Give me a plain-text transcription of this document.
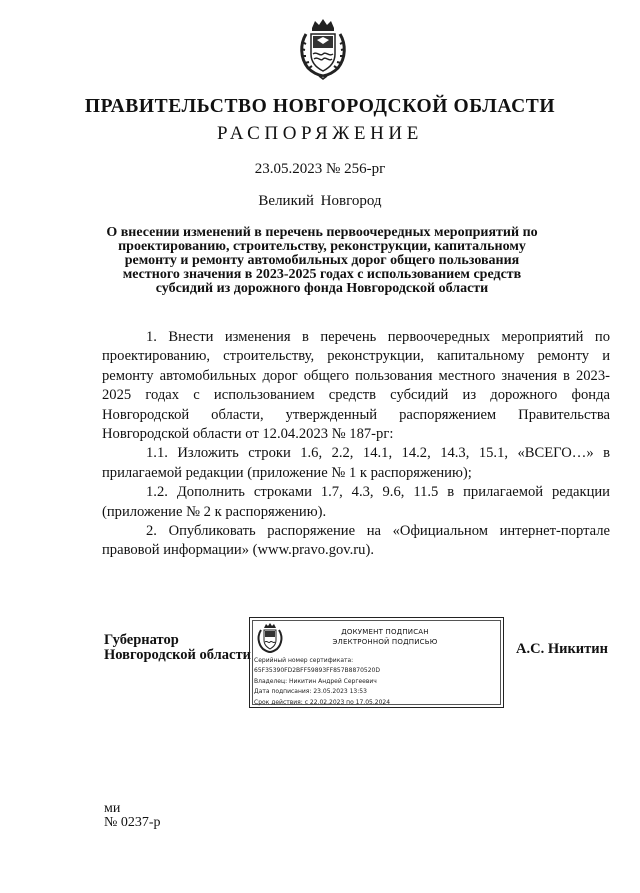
ПРАВИТЕЛЬСТВО НОВГОРОДСКОЙ ОБЛАСТИ
РАСПОРЯЖЕНИЕ
23.05.2023 № 256-рг
Великий Новгород
О внесении изменений в перечень первоочередных мероприятий по проектированию, строительству, реконструкции, капитальному ремонту и ремонту автомобильных дорог общего пользования местного значения в 2023-2025 годах с использованием средств субсидий из дорожного фонда Новгородской области

1. Внести изменения в перечень первоочередных мероприятий по проектированию, строительству, реконструкции, капитальному ремонту и ремонту автомобильных дорог общего пользования местного значения в 2023-2025 годах с использованием средств субсидий из дорожного фонда Новгородской области, утвержденный распоряжением Правительства Новгородской области от 12.04.2023 № 187-рг:

1.1. Изложить строки 1.6, 2.2, 14.1, 14.2, 14.3, 15.1, «ВСЕГО…» в прилагаемой редакции (приложение № 1 к распоряжению);

1.2. Дополнить строками 1.7, 4.3, 9.6, 11.5 в прилагаемой редакции (приложение № 2 к распоряжению).

2. Опубликовать распоряжение на «Официальном интернет-портале правовой информации» (www.pravo.gov.ru).

Губернатор
Новгородской области
ДОКУМЕНТ ПОДПИСАН
ЭЛЕКТРОННОЙ ПОДПИСЬЮ
Серийный номер сертификата:
65F35390FD2BFF59893FF857B8870520D
Владелец: Никитин Андрей Сергеевич
Дата подписания: 23.05.2023 13:53
Срок действия: с 22.02.2023 по 17.05.2024
А.С. Никитин
ми
№ 0237-р
